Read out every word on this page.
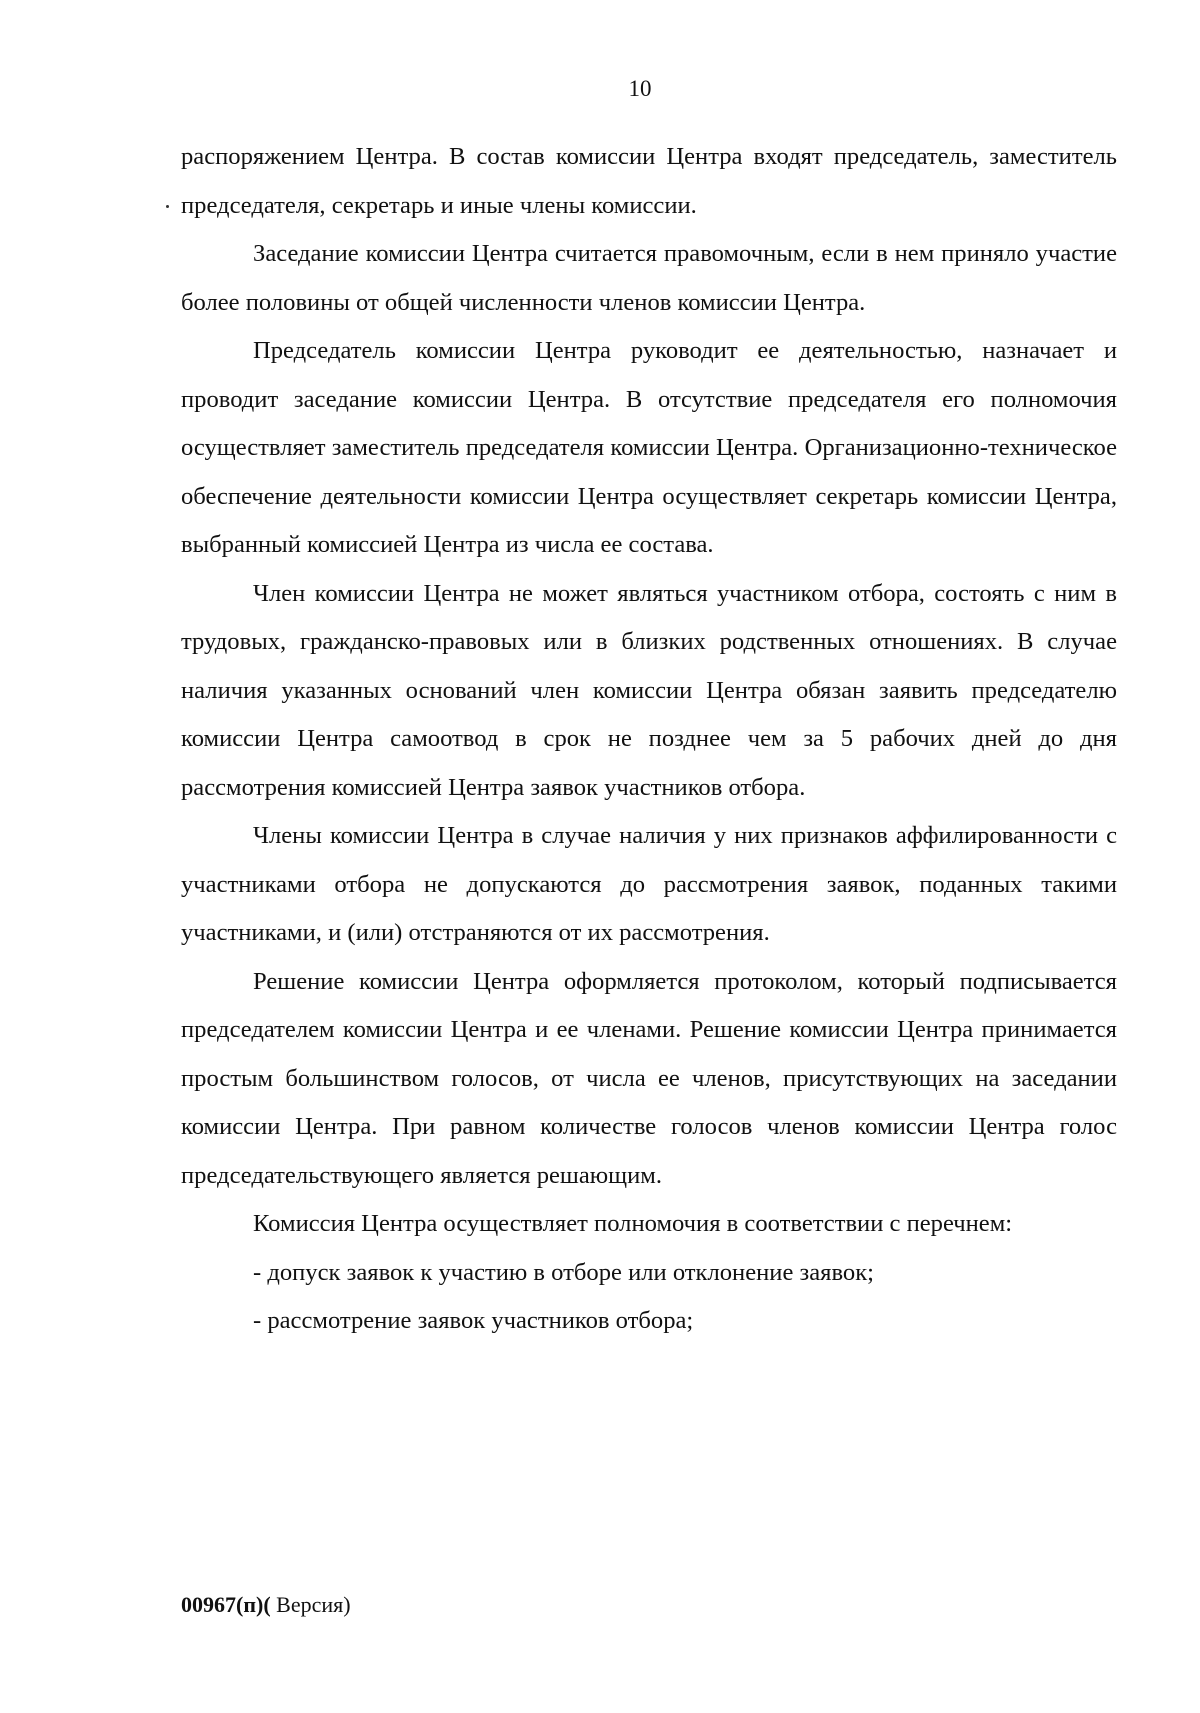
10

распоряжением Центра. В состав комиссии Центра входят председатель, заместитель председателя, секретарь и иные члены комиссии.

Заседание комиссии Центра считается правомочным, если в нем приняло участие более половины от общей численности членов комиссии Центра.

Председатель комиссии Центра руководит ее деятельностью, назначает и проводит заседание комиссии Центра. В отсутствие председателя его полномочия осуществляет заместитель председателя комиссии Центра. Организационно-техническое обеспечение деятельности комиссии Центра осуществляет секретарь комиссии Центра, выбранный комиссией Центра из числа ее состава.

Член комиссии Центра не может являться участником отбора, состоять с ним в трудовых, гражданско-правовых или в близких родственных отношениях. В случае наличия указанных оснований член комиссии Центра обязан заявить председателю комиссии Центра самоотвод в срок не позднее чем за 5 рабочих дней до дня рассмотрения комиссией Центра заявок участников отбора.

Члены комиссии Центра в случае наличия у них признаков аффилированности с участниками отбора не допускаются до рассмотрения заявок, поданных такими участниками, и (или) отстраняются от их рассмотрения.

Решение комиссии Центра оформляется протоколом, который подписывается председателем комиссии Центра и ее членами. Решение комиссии Центра принимается простым большинством голосов, от числа ее членов, присутствующих на заседании комиссии Центра. При равном количестве голосов членов комиссии Центра голос председательствующего является решающим.

Комиссия Центра осуществляет полномочия в соответствии с перечнем:

- допуск заявок к участию в отборе или отклонение заявок;

- рассмотрение заявок участников отбора;

00967(п)( Версия)
